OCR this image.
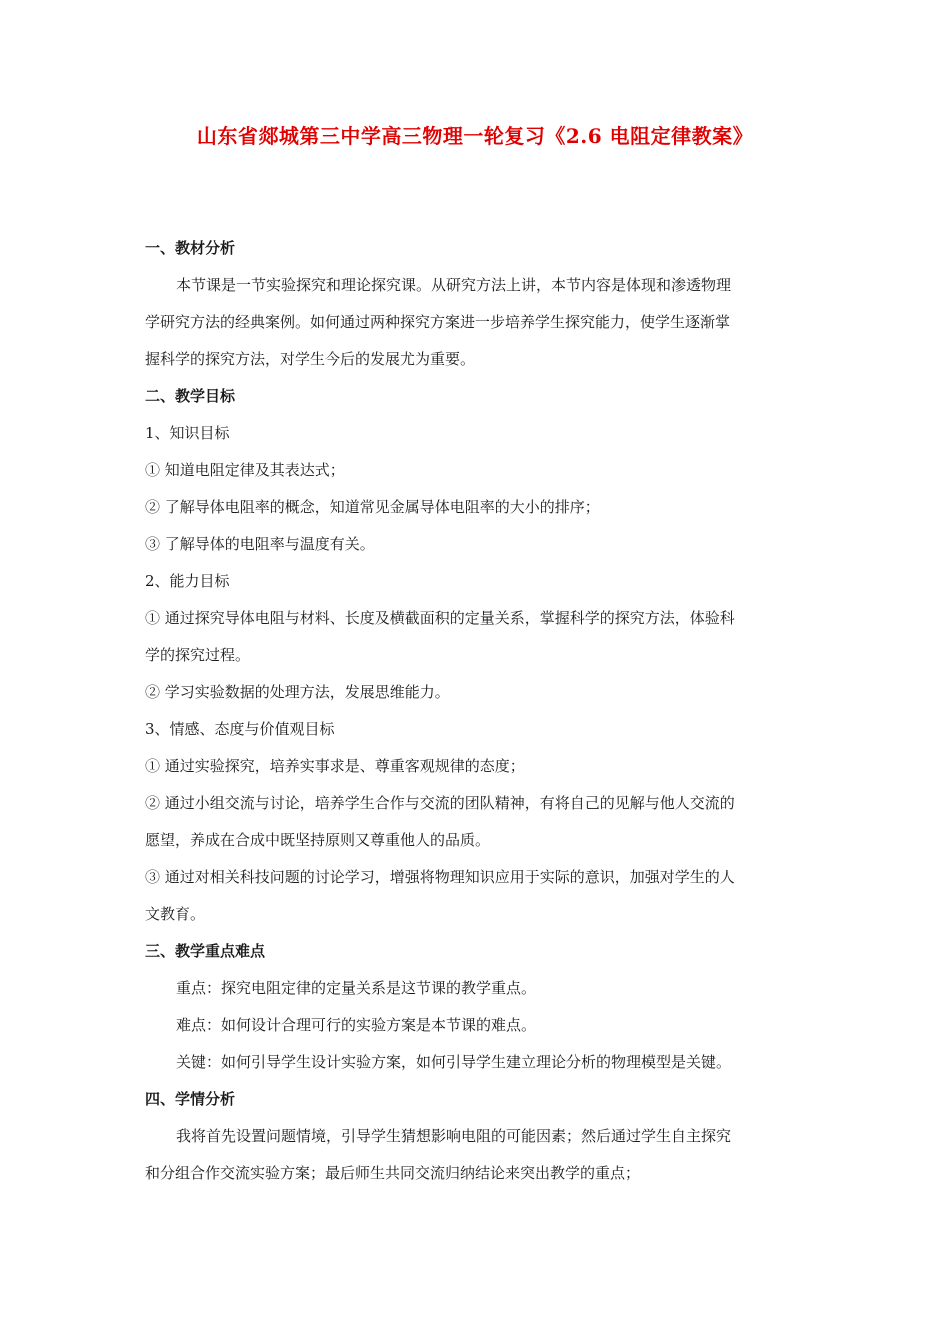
山东省郯城第三中学高三物理一轮复习《2.6 电阻定律教案》
一、教材分析
本节课是一节实验探究和理论探究课。从研究方法上讲，本节内容是体现和渗透物理
学研究方法的经典案例。如何通过两种探究方案进一步培养学生探究能力，使学生逐渐掌
握科学的探究方法，对学生今后的发展尤为重要。
二、教学目标
1、知识目标
① 知道电阻定律及其表达式；
② 了解导体电阻率的概念，知道常见金属导体电阻率的大小的排序；
③ 了解导体的电阻率与温度有关。
2、能力目标
① 通过探究导体电阻与材料、长度及横截面积的定量关系，掌握科学的探究方法，体验科
学的探究过程。
② 学习实验数据的处理方法，发展思维能力。
3、情感、态度与价值观目标
① 通过实验探究，培养实事求是、尊重客观规律的态度；
② 通过小组交流与讨论，培养学生合作与交流的团队精神，有将自己的见解与他人交流的
愿望，养成在合成中既坚持原则又尊重他人的品质。
③ 通过对相关科技问题的讨论学习，增强将物理知识应用于实际的意识，加强对学生的人
文教育。
三、教学重点难点
重点：探究电阻定律的定量关系是这节课的教学重点。
难点：如何设计合理可行的实验方案是本节课的难点。
关键：如何引导学生设计实验方案，如何引导学生建立理论分析的物理模型是关键。
四、学情分析
我将首先设置问题情境，引导学生猜想影响电阻的可能因素；然后通过学生自主探究
和分组合作交流实验方案；最后师生共同交流归纳结论来突出教学的重点；
